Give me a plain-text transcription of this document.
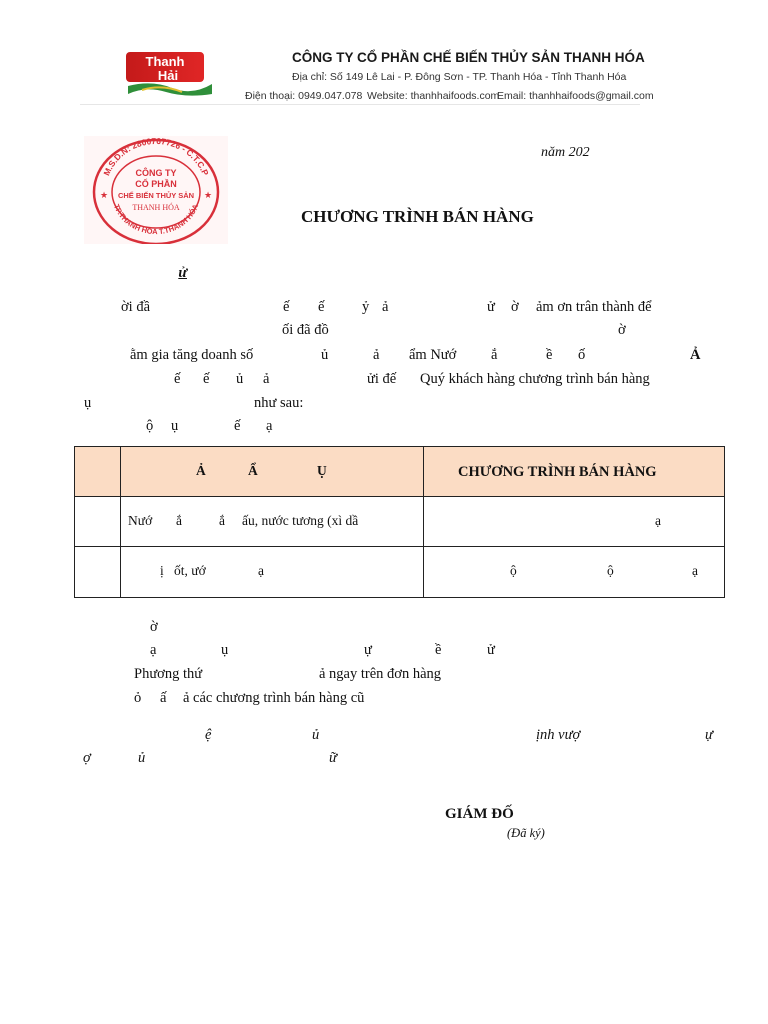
Thanh
Hải
CÔNG TY CỔ PHẦN CHẾ BIẾN THỦY SẢN THANH HÓA
Địa chỉ: Số 149 Lê Lai - P. Đông Sơn - TP. Thanh Hóa - Tỉnh Thanh Hóa
Điện thoại: 0949.047.078 Website: thanhhaifoods.com
Email: thanhhaifoods@gmail.com
M.S.D.N: 2800767726 - C.T.C.P
TP.THANH HÓA T.THANH HÓA
CÔNG TY
CỔ PHẦN
CHẾ BIẾN THỦY SẢN
THANH HÓA
★	★
năm 202
CHƯƠNG TRÌNH BÁN HÀNG
ử
ời đầ	ế ế	ỷ ả	ử ờ ảm ơn trân thành để
ối đã đồ	ờ
ằm gia tăng doanh số	ủ	ả ẩm Nướ ắ	ề ố	Ả
ế ế ủ ả	ửi đế Quý khách hàng chương trình bán hàng
ụ	như sau:
ộ ụ	ế ạ
Ả	Ẩ	Ụ	CHƯƠNG TRÌNH BÁN HÀNG
Nướ ắ	ắ ấu, nước tương (xì dầ	ạ
ị ốt, ướ	ạ	ộ	ộ	ạ
ờ
ạ	ụ	ự	ề	ử
Phương thứ	ả ngay trên đơn hàng
ỏ ấ ả các chương trình bán hàng cũ
ệ	ủ	ịnh vượ	ự
ợ	ủ	ữ
GIÁM ĐỐ
(Đã ký)
